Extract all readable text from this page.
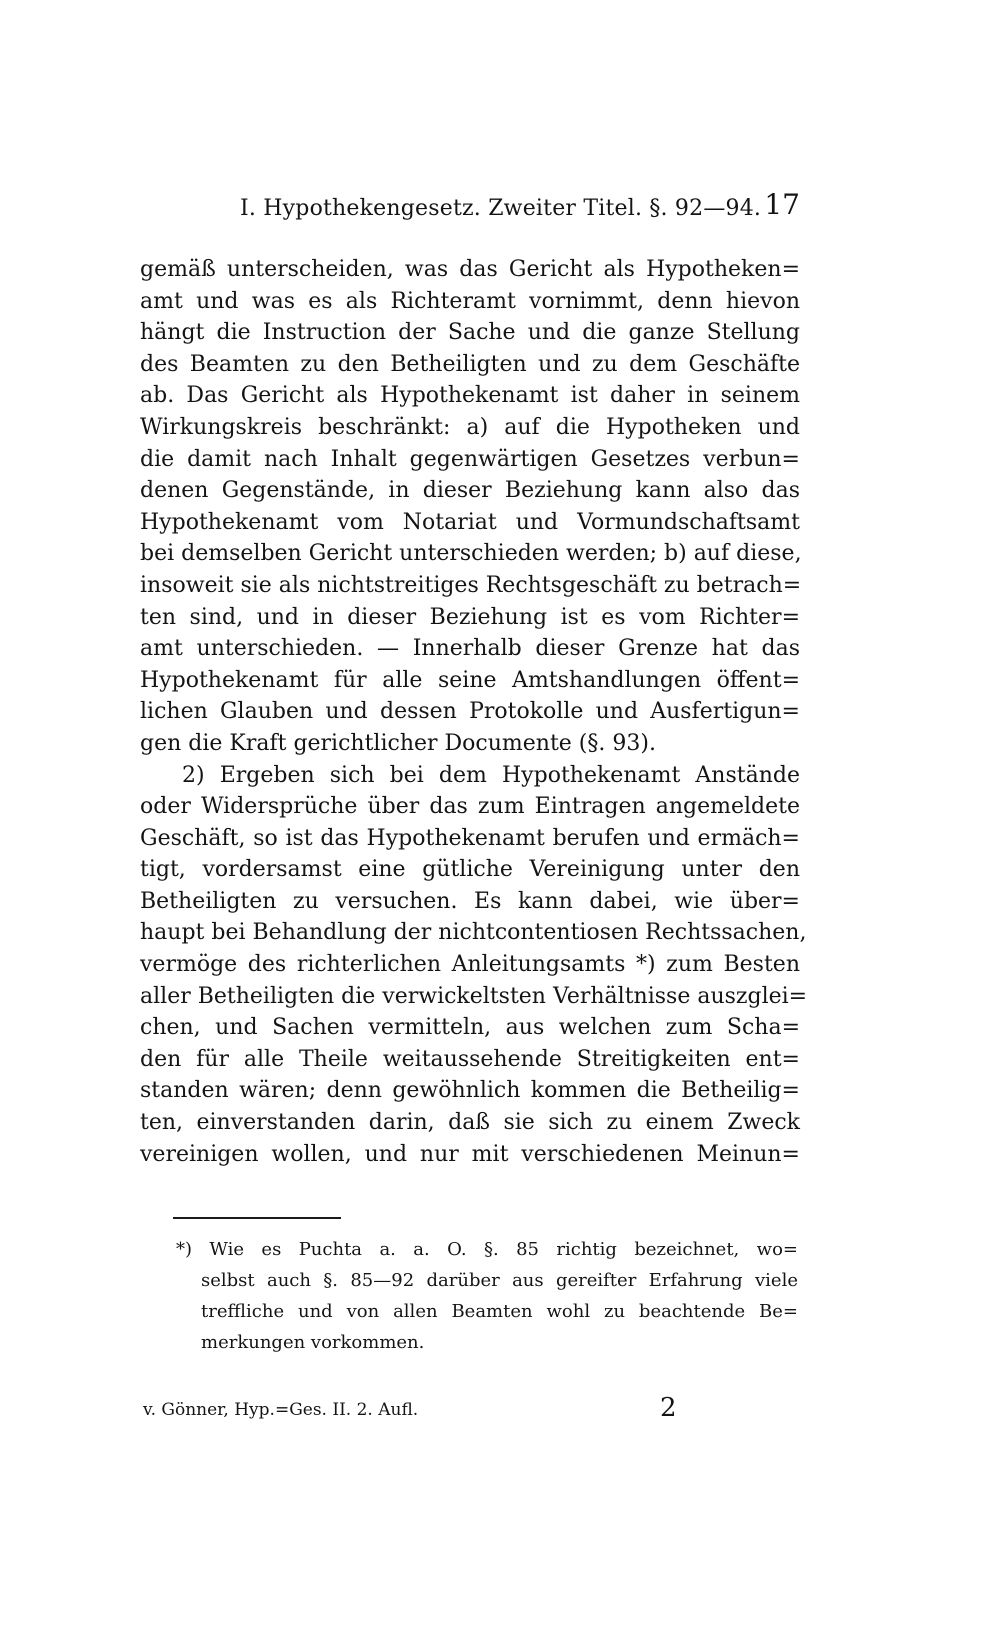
I. Hypothekengesetz. Zweiter Titel. §. 92—94. 17
gemäß unterscheiden, was das Gericht als Hypotheken=
amt und was es als Richteramt vornimmt, denn hievon
hängt die Instruction der Sache und die ganze Stellung
des Beamten zu den Betheiligten und zu dem Geschäfte
ab. Das Gericht als Hypothekenamt ist daher in seinem
Wirkungskreis beschränkt: a) auf die Hypotheken und
die damit nach Inhalt gegenwärtigen Gesetzes verbun=
denen Gegenstände, in dieser Beziehung kann also das
Hypothekenamt vom Notariat und Vormundschaftsamt
bei demselben Gericht unterschieden werden; b) auf diese,
insoweit sie als nichtstreitiges Rechtsgeschäft zu betrach=
ten sind, und in dieser Beziehung ist es vom Richter=
amt unterschieden. — Innerhalb dieser Grenze hat das
Hypothekenamt für alle seine Amtshandlungen öffent=
lichen Glauben und dessen Protokolle und Ausfertigun=
gen die Kraft gerichtlicher Documente (§. 93).
2) Ergeben sich bei dem Hypothekenamt Anstände
oder Widersprüche über das zum Eintragen angemeldete
Geschäft, so ist das Hypothekenamt berufen und ermäch=
tigt, vordersamst eine gütliche Vereinigung unter den
Betheiligten zu versuchen. Es kann dabei, wie über=
haupt bei Behandlung der nichtcontentiosen Rechtssachen,
vermöge des richterlichen Anleitungsamts *) zum Besten
aller Betheiligten die verwickeltsten Verhältnisse auszglei=
chen, und Sachen vermitteln, aus welchen zum Scha=
den für alle Theile weitaussehende Streitigkeiten ent=
standen wären; denn gewöhnlich kommen die Betheilig=
ten, einverstanden darin, daß sie sich zu einem Zweck
vereinigen wollen, und nur mit verschiedenen Meinun=
*) Wie es Puchta a. a. O. §. 85 richtig bezeichnet, wo=
selbst auch §. 85—92 darüber aus gereifter Erfahrung viele
treffliche und von allen Beamten wohl zu beachtende Be=
merkungen vorkommen.
v. Gönner, Hyp.=Ges. II. 2. Aufl.	2
